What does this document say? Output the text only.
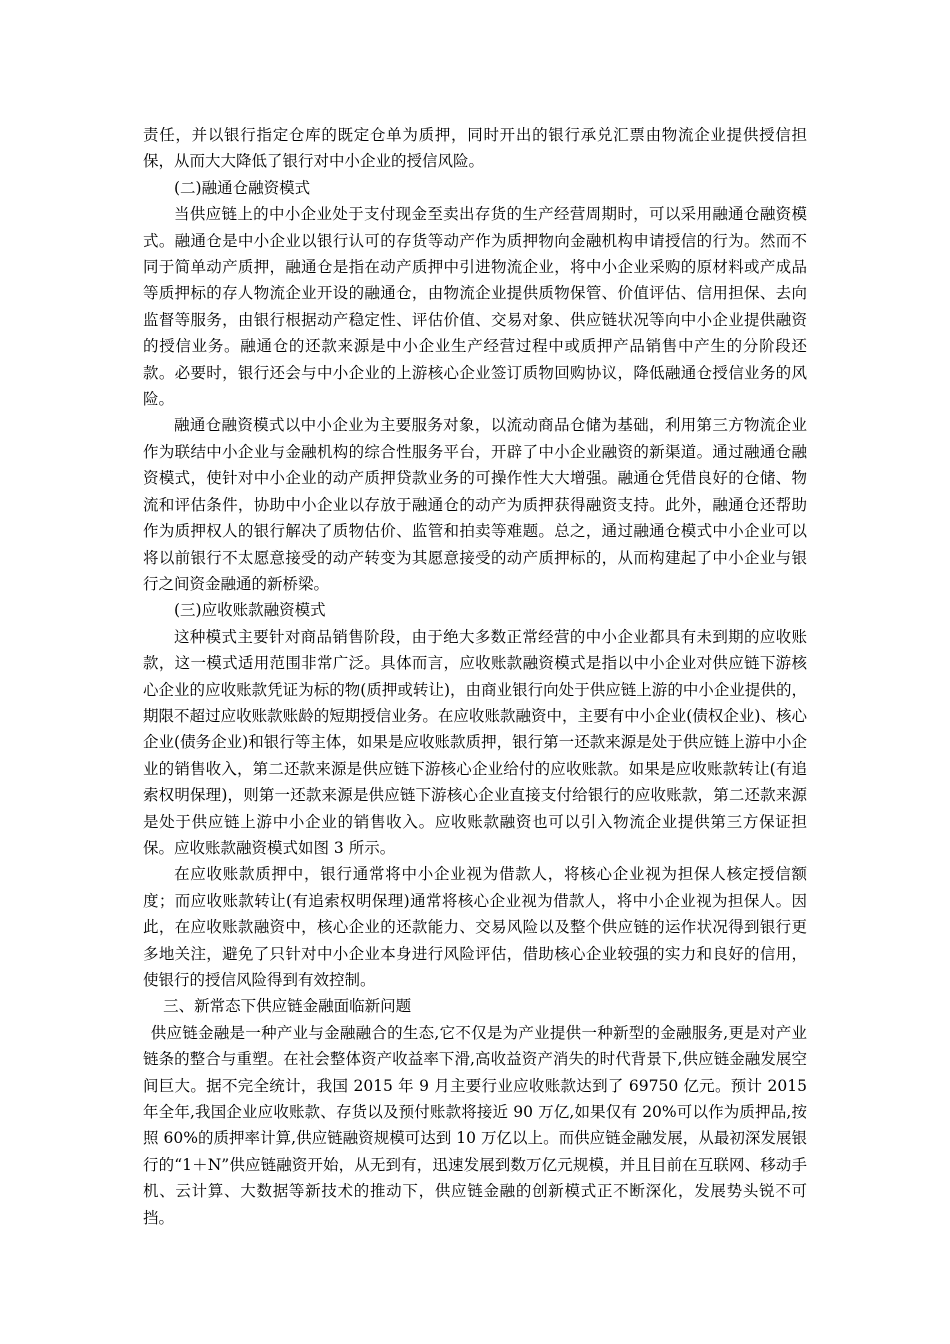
责任，并以银行指定仓库的既定仓单为质押，同时开出的银行承兑汇票由物流企业提供授信担保，从而大大降低了银行对中小企业的授信风险。

(二)融通仓融资模式

当供应链上的中小企业处于支付现金至卖出存货的生产经营周期时，可以采用融通仓融资模式。融通仓是中小企业以银行认可的存货等动产作为质押物向金融机构申请授信的行为。然而不同于简单动产质押，融通仓是指在动产质押中引进物流企业，将中小企业采购的原材料或产成品等质押标的存人物流企业开设的融通仓，由物流企业提供质物保管、价值评估、信用担保、去向监督等服务，由银行根据动产稳定性、评估价值、交易对象、供应链状况等向中小企业提供融资的授信业务。融通仓的还款来源是中小企业生产经营过程中或质押产品销售中产生的分阶段还款。必要时，银行还会与中小企业的上游核心企业签订质物回购协议，降低融通仓授信业务的风险。

融通仓融资模式以中小企业为主要服务对象，以流动商品仓储为基础，利用第三方物流企业作为联结中小企业与金融机构的综合性服务平台，开辟了中小企业融资的新渠道。通过融通仓融资模式，使针对中小企业的动产质押贷款业务的可操作性大大增强。融通仓凭借良好的仓储、物流和评估条件，协助中小企业以存放于融通仓的动产为质押获得融资支持。此外，融通仓还帮助作为质押权人的银行解决了质物估价、监管和拍卖等难题。总之，通过融通仓模式中小企业可以将以前银行不太愿意接受的动产转变为其愿意接受的动产质押标的，从而构建起了中小企业与银行之间资金融通的新桥梁。

(三)应收账款融资模式

这种模式主要针对商品销售阶段，由于绝大多数正常经营的中小企业都具有未到期的应收账款，这一模式适用范围非常广泛。具体而言，应收账款融资模式是指以中小企业对供应链下游核心企业的应收账款凭证为标的物(质押或转让)，由商业银行向处于供应链上游的中小企业提供的，期限不超过应收账款账龄的短期授信业务。在应收账款融资中，主要有中小企业(债权企业)、核心企业(债务企业)和银行等主体，如果是应收账款质押，银行第一还款来源是处于供应链上游中小企业的销售收入，第二还款来源是供应链下游核心企业给付的应收账款。如果是应收账款转让(有追索权明保理)，则第一还款来源是供应链下游核心企业直接支付给银行的应收账款，第二还款来源是处于供应链上游中小企业的销售收入。应收账款融资也可以引入物流企业提供第三方保证担保。应收账款融资模式如图 3 所示。

在应收账款质押中，银行通常将中小企业视为借款人，将核心企业视为担保人核定授信额度；而应收账款转让(有追索权明保理)通常将核心企业视为借款人，将中小企业视为担保人。因此，在应收账款融资中，核心企业的还款能力、交易风险以及整个供应链的运作状况得到银行更多地关注，避免了只针对中小企业本身进行风险评估，借助核心企业较强的实力和良好的信用，使银行的授信风险得到有效控制。

三、新常态下供应链金融面临新问题

供应链金融是一种产业与金融融合的生态,它不仅是为产业提供一种新型的金融服务,更是对产业链条的整合与重塑。在社会整体资产收益率下滑,高收益资产消失的时代背景下,供应链金融发展空间巨大。据不完全统计，我国 2015 年 9 月主要行业应收账款达到了 69750 亿元。预计 2015 年全年,我国企业应收账款、存货以及预付账款将接近 90 万亿,如果仅有 20%可以作为质押品,按照 60%的质押率计算,供应链融资规模可达到 10 万亿以上。而供应链金融发展，从最初深发展银行的“1＋N”供应链融资开始，从无到有，迅速发展到数万亿元规模，并且目前在互联网、移动手机、云计算、大数据等新技术的推动下，供应链金融的创新模式正不断深化，发展势头锐不可挡。
